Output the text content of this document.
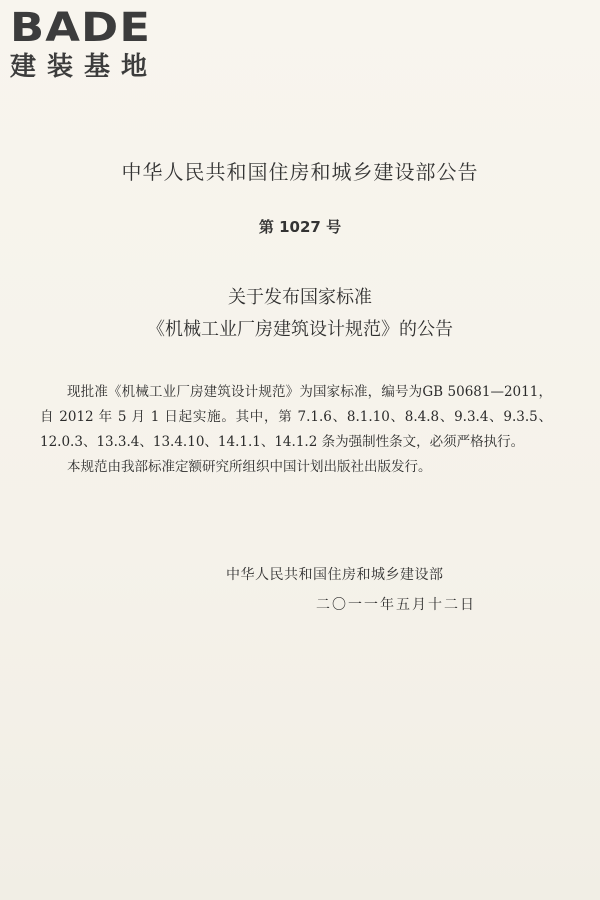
BADE
建装基地
中华人民共和国住房和城乡建设部公告
第 1027 号
关于发布国家标准
《机械工业厂房建筑设计规范》的公告

现批准《机械工业厂房建筑设计规范》为国家标准，编号为GB 50681—2011，自 2012 年 5 月 1 日起实施。其中，第 7.1.6、8.1.10、8.4.8、9.3.4、9.3.5、12.0.3、13.3.4、13.4.10、14.1.1、14.1.2 条为强制性条文，必须严格执行。

本规范由我部标准定额研究所组织中国计划出版社出版发行。

中华人民共和国住房和城乡建设部
二〇一一年五月十二日
